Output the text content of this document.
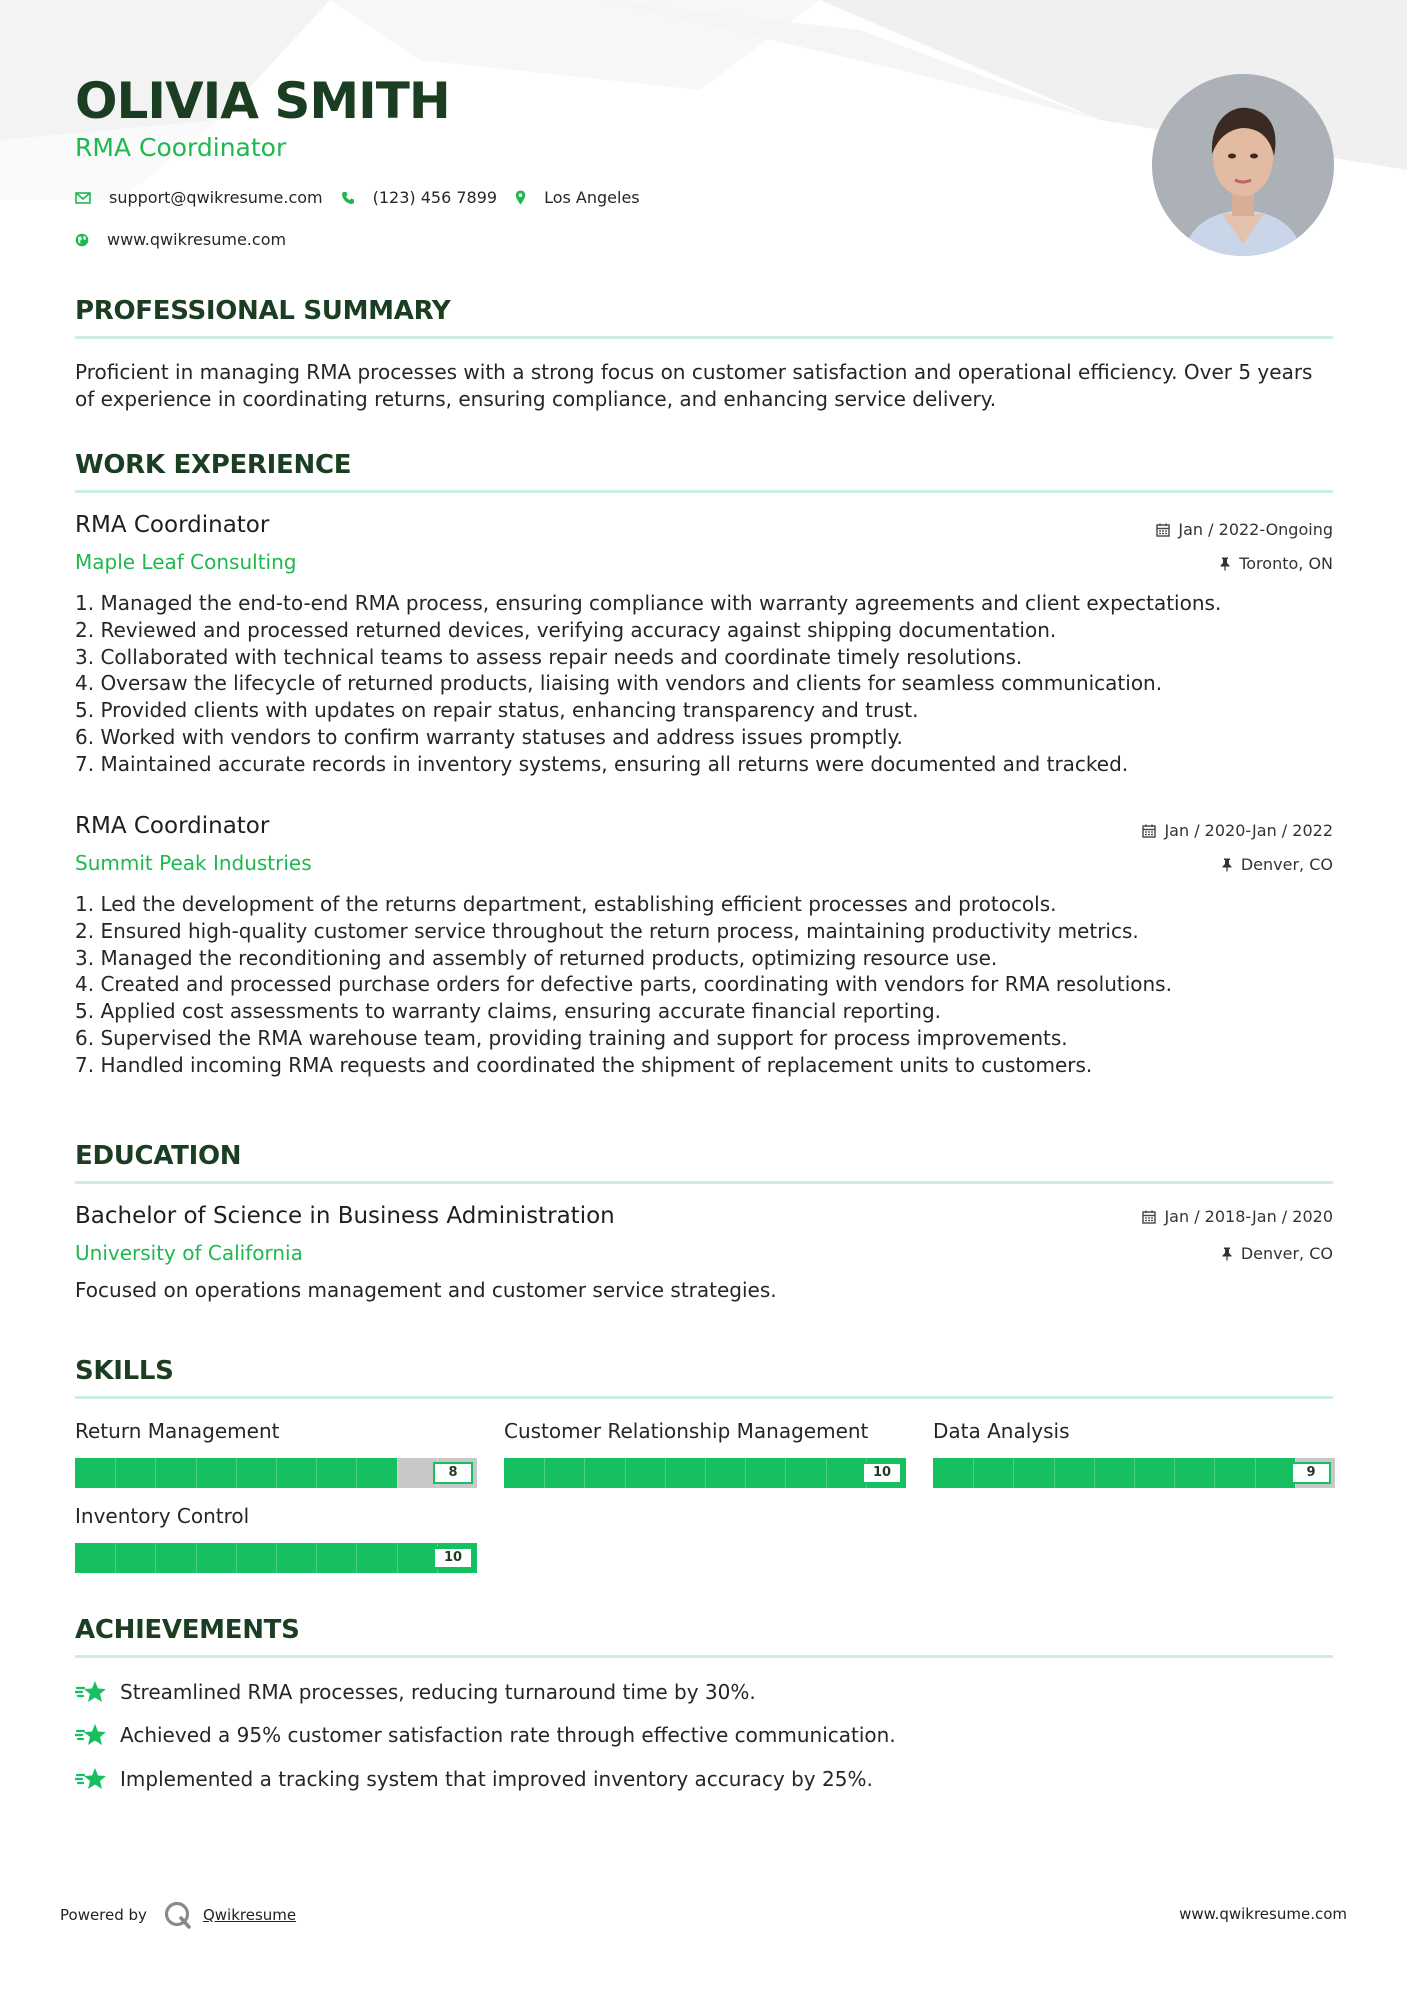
OLIVIA SMITH
RMA Coordinator
support@qwikresume.com	(123) 456 7899	Los Angeles
www.qwikresume.com
PROFESSIONAL SUMMARY
Proficient in managing RMA processes with a strong focus on customer satisfaction and operational efficiency. Over 5 years of experience in coordinating returns, ensuring compliance, and enhancing service delivery.
WORK EXPERIENCE
RMA Coordinator	Jan / 2022-Ongoing
Maple Leaf Consulting	Toronto, ON
1. Managed the end-to-end RMA process, ensuring compliance with warranty agreements and client expectations.
2. Reviewed and processed returned devices, verifying accuracy against shipping documentation.
3. Collaborated with technical teams to assess repair needs and coordinate timely resolutions.
4. Oversaw the lifecycle of returned products, liaising with vendors and clients for seamless communication.
5. Provided clients with updates on repair status, enhancing transparency and trust.
6. Worked with vendors to confirm warranty statuses and address issues promptly.
7. Maintained accurate records in inventory systems, ensuring all returns were documented and tracked.
RMA Coordinator	Jan / 2020-Jan / 2022
Summit Peak Industries	Denver, CO
1. Led the development of the returns department, establishing efficient processes and protocols.
2. Ensured high-quality customer service throughout the return process, maintaining productivity metrics.
3. Managed the reconditioning and assembly of returned products, optimizing resource use.
4. Created and processed purchase orders for defective parts, coordinating with vendors for RMA resolutions.
5. Applied cost assessments to warranty claims, ensuring accurate financial reporting.
6. Supervised the RMA warehouse team, providing training and support for process improvements.
7. Handled incoming RMA requests and coordinated the shipment of replacement units to customers.
EDUCATION
Bachelor of Science in Business Administration	Jan / 2018-Jan / 2020
University of California	Denver, CO
Focused on operations management and customer service strategies.
SKILLS
Return Management
8
Customer Relationship Management
10
Data Analysis
9
Inventory Control
10
ACHIEVEMENTS
Streamlined RMA processes, reducing turnaround time by 30%.
Achieved a 95% customer satisfaction rate through effective communication.
Implemented a tracking system that improved inventory accuracy by 25%.
Powered by	Qwikresume	www.qwikresume.com
